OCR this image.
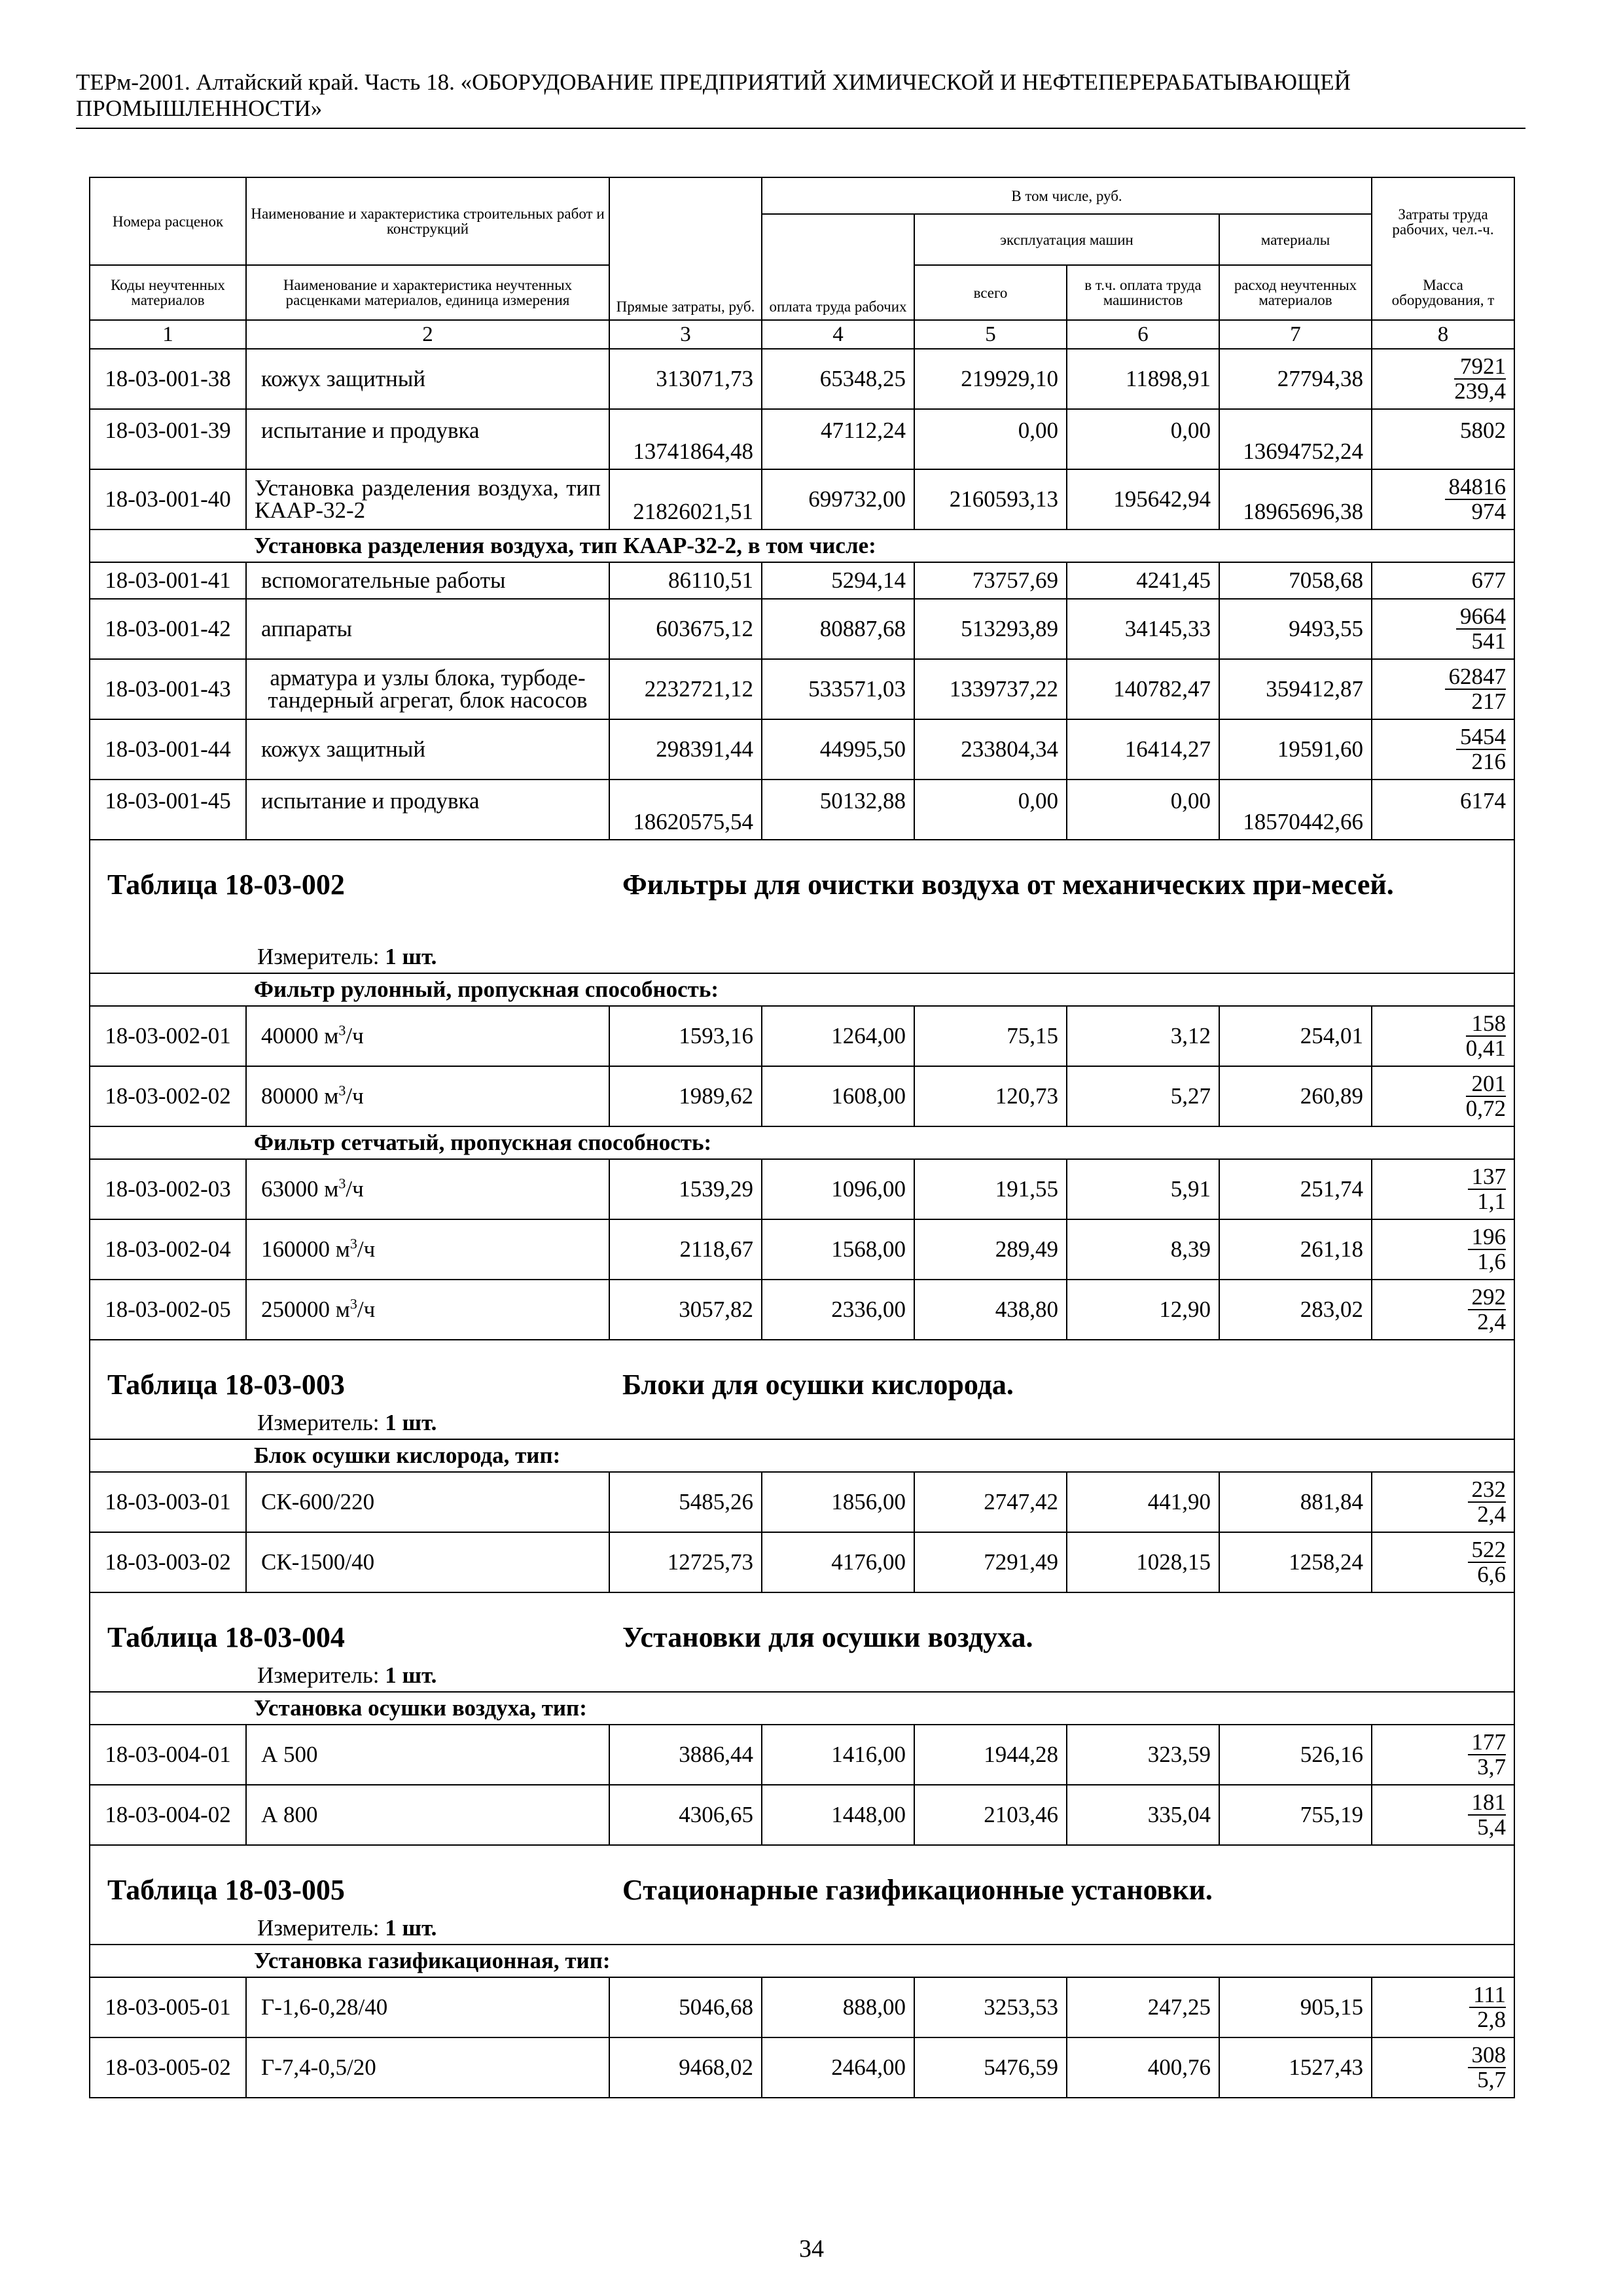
ТЕРм-2001. Алтайский край. Часть 18. «ОБОРУДОВАНИЕ ПРЕДПРИЯТИЙ ХИМИЧЕСКОЙ И НЕФТЕПЕРЕРАБАТЫВАЮЩЕЙ
ПРОМЫШЛЕННОСТИ»
Номера расценок	Наименование и характеристика строительных работ и конструкций	Прямые затраты, руб.	В том числе, руб.				Затраты труда рабочих, чел.-ч.
			оплата труда рабочих	эксплуатация машин		материалы	
Коды неучтенных материалов	Наименование и характеристика неучтенных расценками материалов, единица измерения			всего	в т.ч. оплата труда машинистов	расход неучтенных материалов	Масса оборудования, т
1	2	3	4	5	6	7	8
18-03-001-38	кожух защитный	313071,73	65348,25	219929,10	11898,91	27794,38	$\frac{7921}{239,4}$

18-03-001-39	испытание и продувка	13741864,48	47112,24	0,00	0,00	13694752,24	5802
18-03-001-40	Установка разделения воздуха, тип КААР-32-2	21826021,51	699732,00	2160593,13	195642,94	18965696,38	$\frac{84816}{974}$

	Установка разделения воздуха, тип КААР-32-2, в том числе:						
18-03-001-41	вспомогательные работы	86110,51	5294,14	73757,69	4241,45	7058,68	677
18-03-001-42	аппараты	603675,12	80887,68	513293,89	34145,33	9493,55	$\frac{9664}{541}$

18-03-001-43	арматура и узлы блока, турбоде-тандерный агрегат, блок насосов	2232721,12	533571,03	1339737,22	140782,47	359412,87	$\frac{62847}{217}$

18-03-001-44	кожух защитный	298391,44	44995,50	233804,34	16414,27	19591,60	$\frac{5454}{216}$

18-03-001-45	испытание и продувка	18620575,54	50132,88	0,00	0,00	18570442,66	6174

Таблица 18-03-002 Фильтры для очистки воздуха от механических при-месей.
Измеритель: 1 шт.							

	Фильтр рулонный, пропускная способность:						
18-03-002-01	40000 $м^3/ч$	1593,16	1264,00	75,15	3,12	254,01	$\frac{158}{0,41}$

18-03-002-02	80000 $м^3/ч$	1989,62	1608,00	120,73	5,27	260,89	$\frac{201}{0,72}$

	Фильтр сетчатый, пропускная способность:						
18-03-002-03	63000 $м^3/ч$	1539,29	1096,00	191,55	5,91	251,74	$\frac{137}{1,1}$

18-03-002-04	160000 $м^3/ч$	2118,67	1568,00	289,49	8,39	261,18	$\frac{196}{1,6}$

18-03-002-05	250000 $м^3/ч$	3057,82	2336,00	438,80	12,90	283,02	$\frac{292}{2,4}$

Таблица 18-03-003 Блоки для осушки кислорода.
Измеритель: 1 шт.							

	Блок осушки кислорода, тип:						
18-03-003-01	СК-600/220	5485,26	1856,00	2747,42	441,90	881,84	$\frac{232}{2,4}$

18-03-003-02	СК-1500/40	12725,73	4176,00	7291,49	1028,15	1258,24	$\frac{522}{6,6}$

Таблица 18-03-004 Установки для осушки воздуха.
Измеритель: 1 шт.							

	Установка осушки воздуха, тип:						
18-03-004-01	А 500	3886,44	1416,00	1944,28	323,59	526,16	$\frac{177}{3,7}$

18-03-004-02	А 800	4306,65	1448,00	2103,46	335,04	755,19	$\frac{181}{5,4}$

Таблица 18-03-005 Стационарные газификационные установки.
Измеритель: 1 шт.							

	Установка газификационная, тип:						
18-03-005-01	Г-1,6-0,28/40	5046,68	888,00	3253,53	247,25	905,15	$\frac{111}{2,8}$

18-03-005-02	Г-7,4-0,5/20	9468,02	2464,00	5476,59	400,76	1527,43	$\frac{308}{5,7}$
34
